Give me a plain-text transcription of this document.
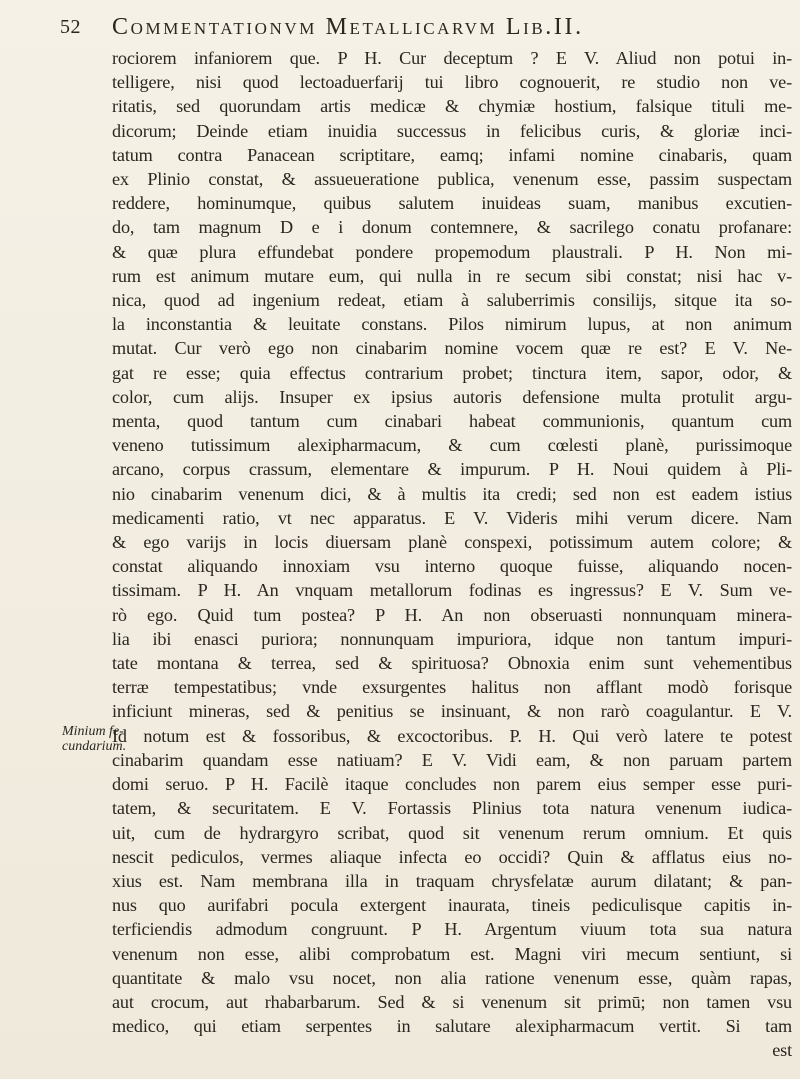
52 Commentationvm Metallicarvm Lib.II.
rociorem infaniorem que. P H. Cur deceptum ? E V. Aliud non potui in-
telligere, nisi quod lectoaduerfarij tui libro cognouerit, re studio non ve-
ritatis, sed quorundam artis medicæ & chymiæ hostium, falsique tituli me-
dicorum; Deinde etiam inuidia successus in felicibus curis, & gloriæ inci-
tatum contra Panacean scriptitare, eamq; infami nomine cinabaris, quam
ex Plinio constat, & assueueratione publica, venenum esse, passim suspectam
reddere, hominumque, quibus salutem inuideas suam, manibus excutien-
do, tam magnum D e i donum contemnere, & sacrilego conatu profanare:
& quæ plura effundebat pondere propemodum plaustrali. P H. Non mi-
rum est animum mutare eum, qui nulla in re secum sibi constat; nisi hac v-
nica, quod ad ingenium redeat, etiam à saluberrimis consilijs, sitque ita so-
la inconstantia & leuitate constans. Pilos nimirum lupus, at non animum
mutat. Cur verò ego non cinabarim nomine vocem quæ re est? E V. Ne-
gat re esse; quia effectus contrarium probet; tinctura item, sapor, odor, &
color, cum alijs. Insuper ex ipsius autoris defensione multa protulit argu-
menta, quod tantum cum cinabari habeat communionis, quantum cum
veneno tutissimum alexipharmacum, & cum cœlesti planè, purissimoque
arcano, corpus crassum, elementare & impurum. P H. Noui quidem à Pli-
nio cinabarim venenum dici, & à multis ita credi; sed non est eadem istius
medicamenti ratio, vt nec apparatus. E V. Videris mihi verum dicere. Nam
& ego varijs in locis diuersam planè conspexi, potissimum autem colore; &
constat aliquando innoxiam vsu interno quoque fuisse, aliquando nocen-
tissimam. P H. An vnquam metallorum fodinas es ingressus? E V. Sum ve-
rò ego. Quid tum postea? P H. An non obseruasti nonnunquam minera-
lia ibi enasci puriora; nonnunquam impuriora, idque non tantum impuri-
tate montana & terrea, sed & spirituosa? Obnoxia enim sunt vehementibus
terræ tempestatibus; vnde exsurgentes halitus non afflant modò forisque
inficiunt mineras, sed & penitius se insinuant, & non rarò coagulantur. E V.
Id notum est & fossoribus, & excoctoribus. P. H. Qui verò latere te potest
cinabarim quandam esse natiuam? E V. Vidi eam, & non paruam partem
domi seruo. P H. Facilè itaque concludes non parem eius semper esse puri-
tatem, & securitatem. E V. Fortassis Plinius tota natura venenum iudica-
uit, cum de hydrargyro scribat, quod sit venenum rerum omnium. Et quis
nescit pediculos, vermes aliaque infecta eo occidi? Quin & afflatus eius no-
xius est. Nam membrana illa in traquam chrysfelatæ aurum dilatant; & pan-
nus quo aurifabri pocula extergent inaurata, tineis pediculisque capitis in-
terficiendis admodum congruunt. P H. Argentum viuum tota sua natura
venenum non esse, alibi comprobatum est. Magni viri mecum sentiunt, si
quantitate & malo vsu nocet, non alia ratione venenum esse, quàm rapas,
aut crocum, aut rhabarbarum. Sed & si venenum sit primū; non tamen vsu
medico, qui etiam serpentes in salutare alexipharmacum vertit. Si tam
est
Minium fe-
cundarium.
